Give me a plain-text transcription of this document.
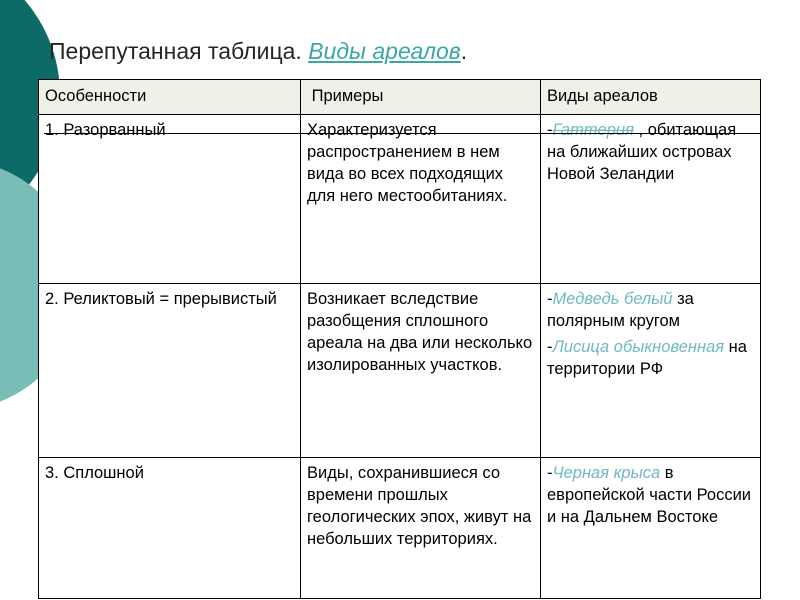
Перепутанная таблица. Виды ареалов.
Особенности	Примеры	Виды ареалов
1. Разорванный	Характеризуется распространением в нем вида во всех подходящих для него местообитаниях.	-Гаттерия , обитающая на ближайших островах Новой Зеландии
2. Реликтовый = прерывистый	Возникает вследствие разобщения сплошного ареала на два или несколько изолированных участков.	-Медведь белый за полярным кругом
-Лисица обыкновенная на территории РФ

3. Сплошной	Виды, сохранившиеся со времени прошлых геологических эпох, живут на небольших территориях.	-Черная крыса в европейской части России и на Дальнем Востоке
